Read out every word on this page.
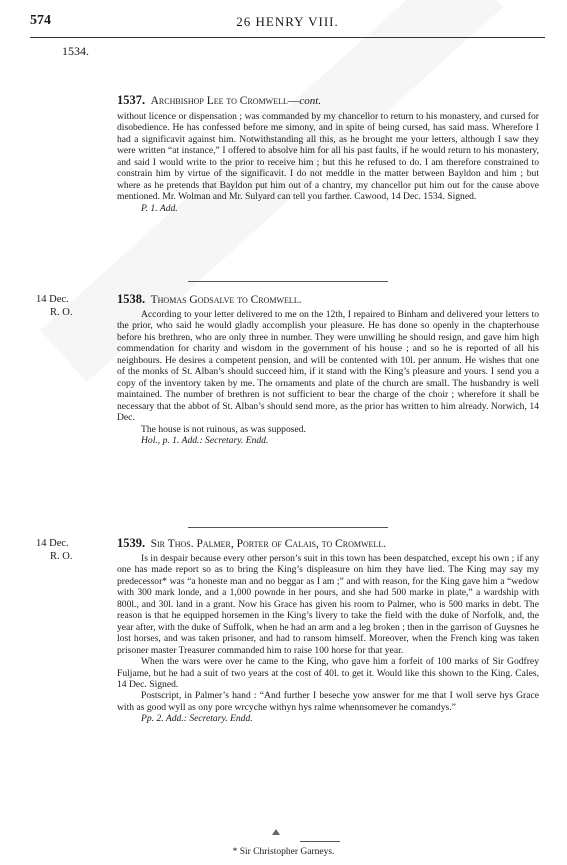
574	26 HENRY VIII.
1534.
1537. Archbishop Lee to Cromwell—cont.

without licence or dispensation ; was commanded by my chancellor to return to his monastery, and cursed for disobedience. He has confessed before me simony, and in spite of being cursed, has said mass. Wherefore I had a significavit against him. Notwithstanding all this, as he brought me your letters, although I saw they were written “at instance,” I offered to absolve him for all his past faults, if he would return to his monastery, and said I would write to the prior to receive him ; but this he refused to do. I am therefore constrained to constrain him by virtue of the significavit. I do not meddle in the matter between Bayldon and him ; but where as he pretends that Bayldon put him out of a chantry, my chancellor put him out for the cause above mentioned. Mr. Wolman and Mr. Sulyard can tell you farther. Cawood, 14 Dec. 1534. Signed.

P. 1. Add.

14 Dec.
R. O.
1538. Thomas Godsalve to Cromwell.

According to your letter delivered to me on the 12th, I repaired to Binham and delivered your letters to the prior, who said he would gladly accomplish your pleasure. He has done so openly in the chapterhouse before his brethren, who are only three in number. They were unwilling he should resign, and gave him high commendation for charity and wisdom in the government of his house ; and so he is reported of all his neighbours. He desires a competent pension, and will be contented with 10l. per annum. He wishes that one of the monks of St. Alban’s should succeed him, if it stand with the King’s pleasure and yours. I send you a copy of the inventory taken by me. The ornaments and plate of the church are small. The husbandry is well maintained. The number of brethren is not sufficient to bear the charge of the choir ; wherefore it shall be necessary that the abbot of St. Alban’s should send more, as the prior has written to him already. Norwich, 14 Dec.

The house is not ruinous, as was supposed.

Hol., p. 1. Add.: Secretary. Endd.

14 Dec.
R. O.
1539. Sir Thos. Palmer, Porter of Calais, to Cromwell.

Is in despair because every other person’s suit in this town has been despatched, except his own ; if any one has made report so as to bring the King’s displeasure on him they have lied. The King may say my predecessor* was “a honeste man and no beggar as I am ;” and with reason, for the King gave him a “wedow with 300 mark londe, and a 1,000 pownde in her pours, and she had 500 marke in plate,” a wardship with 800l., and 30l. land in a grant. Now his Grace has given his room to Palmer, who is 500 marks in debt. The reason is that he equipped horsemen in the King’s livery to take the field with the duke of Norfolk, and, the year after, with the duke of Suffolk, when he had an arm and a leg broken ; then in the garrison of Guysnes he lost horses, and was taken prisoner, and had to ransom himself. Moreover, when the French king was taken prisoner master Treasurer commanded him to raise 100 horse for that year.

When the wars were over he came to the King, who gave him a forfeit of 100 marks of Sir Godfrey Fuljame, but he had a suit of two years at the cost of 40l. to get it. Would like this shown to the King. Cales, 14 Dec. Signed.

Postscript, in Palmer’s hand : “And further I beseche yow answer for me that I woll serve hys Grace with as good wyll as ony pore wrcyche withyn hys ralme whennsomever he comandys.”

Pp. 2. Add.: Secretary. Endd.

* Sir Christopher Garneys.
